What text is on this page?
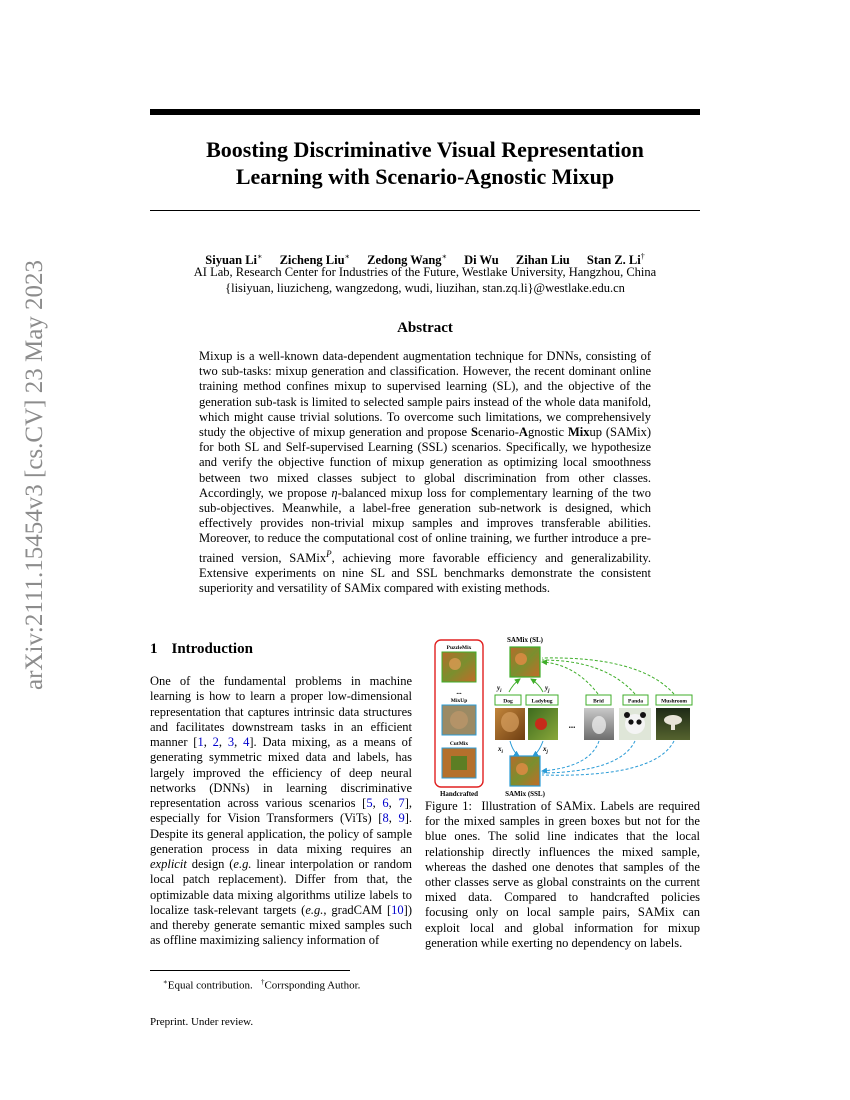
arXiv:2111.15454v3 [cs.CV] 23 May 2023
Boosting Discriminative Visual Representation
Learning with Scenario-Agnostic Mixup
Siyuan Li∗ Zicheng Liu∗ Zedong Wang∗ Di Wu Zihan Liu Stan Z. Li†
AI Lab, Research Center for Industries of the Future, Westlake University, Hangzhou, China
{lisiyuan, liuzicheng, wangzedong, wudi, liuzihan, stan.zq.li}@westlake.edu.cn
Abstract
Mixup is a well-known data-dependent augmentation technique for DNNs, consisting of two sub-tasks: mixup generation and classification. However, the recent dominant online training method confines mixup to supervised learning (SL), and the objective of the generation sub-task is limited to selected sample pairs instead of the whole data manifold, which might cause trivial solutions. To overcome such limitations, we comprehensively study the objective of mixup generation and propose Scenario-Agnostic Mixup (SAMix) for both SL and Self-supervised Learning (SSL) scenarios. Specifically, we hypothesize and verify the objective function of mixup generation as optimizing local smoothness between two mixed classes subject to global discrimination from other classes. Accordingly, we propose η-balanced mixup loss for complementary learning of the two sub-objectives. Meanwhile, a label-free generation sub-network is designed, which effectively provides non-trivial mixup samples and improves transferable abilities. Moreover, to reduce the computational cost of online training, we further introduce a pre-trained version, SAMix$^P$, achieving more favorable efficiency and generalizability. Extensive experiments on nine SL and SSL benchmarks demonstrate the consistent superiority and versatility of SAMix compared with existing methods.
1 Introduction
One of the fundamental problems in machine learning is how to learn a proper low-dimensional representation that captures intrinsic data structures and facilitates downstream tasks in an efficient manner [1, 2, 3, 4]. Data mixing, as a means of generating symmetric mixed data and labels, has largely improved the efficiency of deep neural networks (DNNs) in learning discriminative representation across various scenarios [5, 6, 7], especially for Vision Transformers (ViTs) [8, 9]. Despite its general application, the policy of sample generation process in data mixing requires an explicit design (e.g. linear interpolation or random local patch replacement). Differ from that, the optimizable data mixing algorithms utilize labels to localize task-relevant targets (e.g., gradCAM [10]) and thereby generate semantic mixed samples such as offline maximizing saliency information of
∗Equal contribution. †Corrsponding Author.
Preprint. Under review.
PuzzleMix
...
MixUp
CutMix
Handcrafted
SAMix (SL)
$y_i$	$y_j$
Dog	Ladybug	Brid	Panda	Mushroom
...
$x_i$	$x_j$
SAMix (SSL)
Figure 1: Illustration of SAMix. Labels are required for the mixed samples in green boxes but not for the blue ones. The solid line indicates that the local relationship directly influences the mixed sample, whereas the dashed one denotes that samples of the other classes serve as global constraints on the current mixed data. Compared to handcrafted policies focusing only on local sample pairs, SAMix can exploit local and global information for mixup generation while exerting no dependency on labels.
